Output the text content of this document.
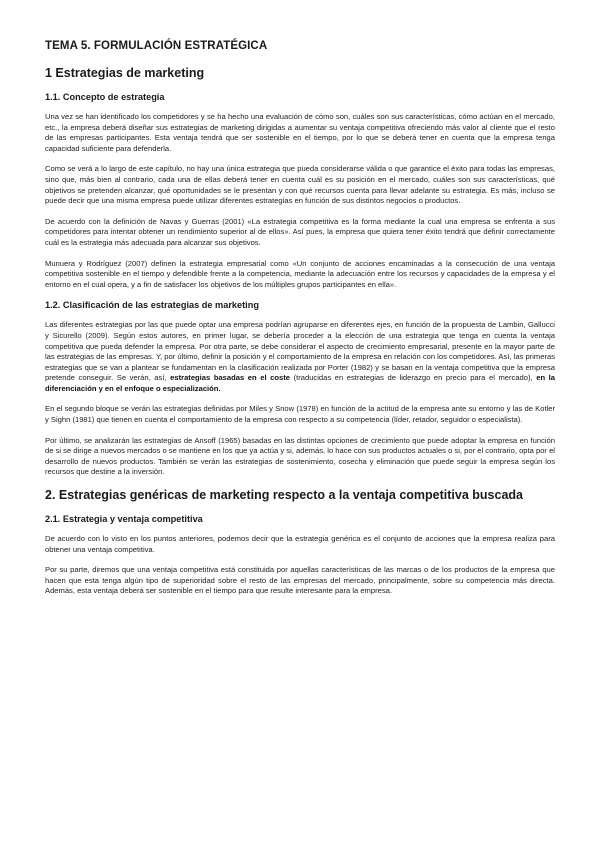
TEMA 5. FORMULACIÓN ESTRATÉGICA
1 Estrategias de marketing
1.1. Concepto de estrategia

Una vez se han identificado los competidores y se ha hecho una evaluación de cómo son, cuáles son sus características, cómo actúan en el mercado, etc., la empresa deberá diseñar sus estrategias de marketing dirigidas a aumentar su ventaja competitiva ofreciendo más valor al cliente que el resto de las empresas participantes. Esta ventaja tendrá que ser sostenible en el tiempo, por lo que se deberá tener en cuenta que la empresa tenga capacidad suficiente para defenderla.

Como se verá a lo largo de este capítulo, no hay una única estrategia que pueda considerarse válida o que garantice el éxito para todas las empresas, sino que, más bien al contrario, cada una de ellas deberá tener en cuenta cuál es su posición en el mercado, cuáles son sus características, qué objetivos se pretenden alcanzar, qué oportunidades se le presentan y con qué recursos cuenta para llevar adelante su estrategia. Es más, incluso se puede decir que una misma empresa puede utilizar diferentes estrategias en función de sus distintos negocios o productos.

De acuerdo con la definición de Navas y Guerras (2001) «La estrategia competitiva es la forma mediante la cual una empresa se enfrenta a sus competidores para intentar obtener un rendimiento superior al de ellos». Así pues, la empresa que quiera tener éxito tendrá que definir correctamente cuál es la estrategia más adecuada para alcanzar sus objetivos.

Munuera y Rodríguez (2007) definen la estrategia empresarial como «Un conjunto de acciones encaminadas a la consecución de una ventaja competitiva sostenible en el tiempo y defendible frente a la competencia, mediante la adecuación entre los recursos y capacidades de la empresa y el entorno en el cual opera, y a fin de satisfacer los objetivos de los múltiples grupos participantes en ella».

1.2. Clasificación de las estrategias de marketing

Las diferentes estrategias por las que puede optar una empresa podrían agruparse en diferentes ejes, en función de la propuesta de Lambin, Gallucci y Sicurello (2009). Según estos autores, en primer lugar, se debería proceder a la elección de una estrategia que tenga en cuenta la ventaja competitiva que pueda defender la empresa. Por otra parte, se debe considerar el aspecto de crecimiento empresarial, presente en la mayor parte de las estrategias de las empresas. Y, por último, definir la posición y el comportamiento de la empresa en relación con los competidores. Así, las primeras estrategias que se van a plantear se fundamentan en la clasificación realizada por Porter (1982) y se basan en la ventaja competitiva que la empresa pretende conseguir. Se verán, así, estrategias basadas en el coste (traducidas en estrategias de liderazgo en precio para el mercado), en la diferenciación y en el enfoque o especialización.

En el segundo bloque se verán las estrategias definidas por Miles y Snow (1978) en función de la actitud de la empresa ante su entorno y las de Kotler y Sighn (1981) que tienen en cuenta el comportamiento de la empresa con respecto a su competencia (líder, retador, seguidor o especialista).

Por último, se analizarán las estrategias de Ansoff (1965) basadas en las distintas opciones de crecimiento que puede adoptar la empresa en función de si se dirige a nuevos mercados o se mantiene en los que ya actúa y si, además, lo hace con sus productos actuales o si, por el contrario, opta por el desarrollo de nuevos productos. También se verán las estrategias de sostenimiento, cosecha y eliminación que puede seguir la empresa según los recursos que destine a la inversión.

2. Estrategias genéricas de marketing respecto a la ventaja competitiva buscada
2.1. Estrategia y ventaja competitiva

De acuerdo con lo visto en los puntos anteriores, podemos decir que la estrategia genérica es el conjunto de acciones que la empresa realiza para obtener una ventaja competitiva.

Por su parte, diremos que una ventaja competitiva está constituida por aquellas características de las marcas o de los productos de la empresa que hacen que esta tenga algún tipo de superioridad sobre el resto de las empresas del mercado, principalmente, sobre su competencia más directa. Además, esta ventaja deberá ser sostenible en el tiempo para que resulte interesante para la empresa.
